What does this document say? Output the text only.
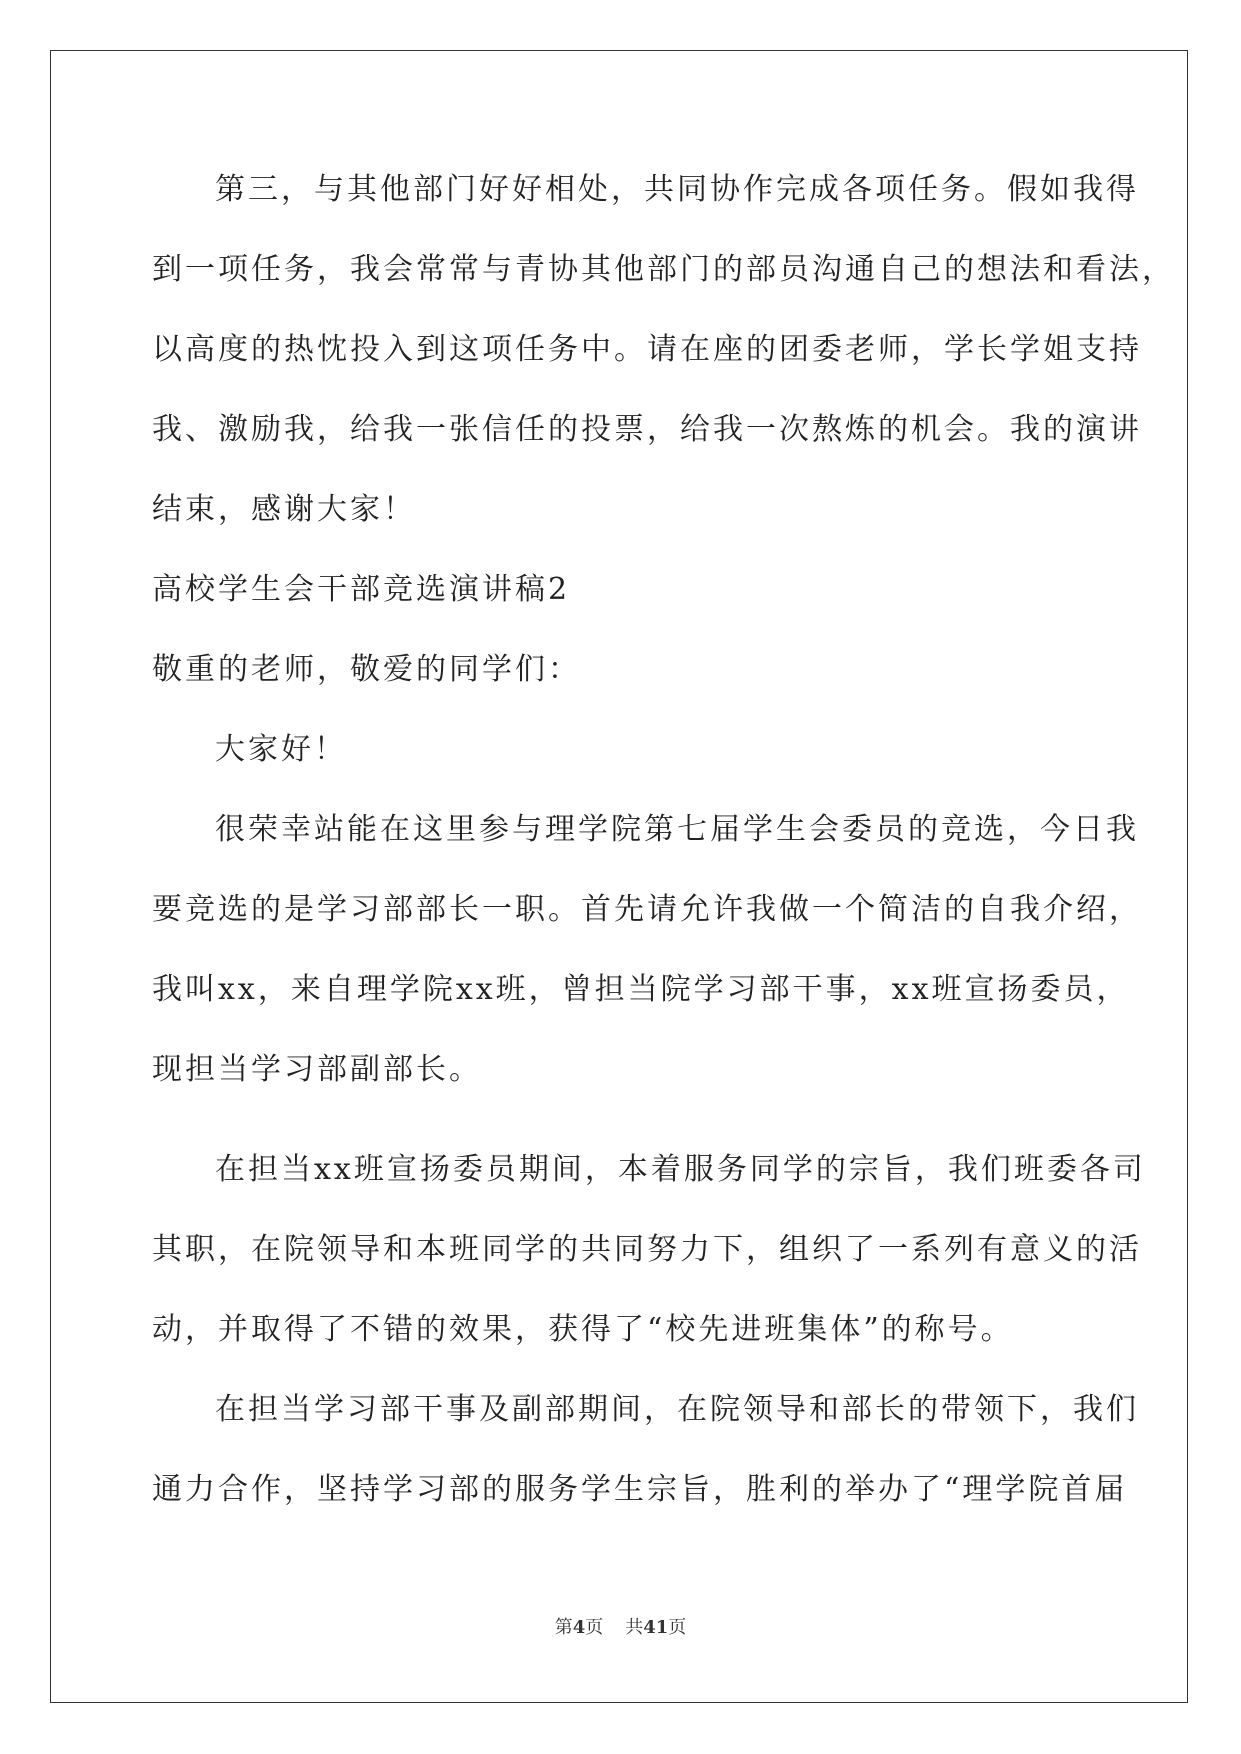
第三，与其他部门好好相处，共同协作完成各项任务。假如我得
到一项任务，我会常常与青协其他部门的部员沟通自己的想法和看法，
以高度的热忱投入到这项任务中。请在座的团委老师，学长学姐支持
我、激励我，给我一张信任的投票，给我一次熬炼的机会。我的演讲
结束，感谢大家！
高校学生会干部竞选演讲稿2
敬重的老师，敬爱的同学们：
大家好！
很荣幸站能在这里参与理学院第七届学生会委员的竞选，今日我
要竞选的是学习部部长一职。首先请允许我做一个简洁的自我介绍，
我叫xx，来自理学院xx班，曾担当院学习部干事，xx班宣扬委员，
现担当学习部副部长。
在担当xx班宣扬委员期间，本着服务同学的宗旨，我们班委各司
其职，在院领导和本班同学的共同努力下，组织了一系列有意义的活
动，并取得了不错的效果，获得了“校先进班集体”的称号。
在担当学习部干事及副部期间，在院领导和部长的带领下，我们
通力合作，坚持学习部的服务学生宗旨，胜利的举办了“理学院首届
第4页 共41页
